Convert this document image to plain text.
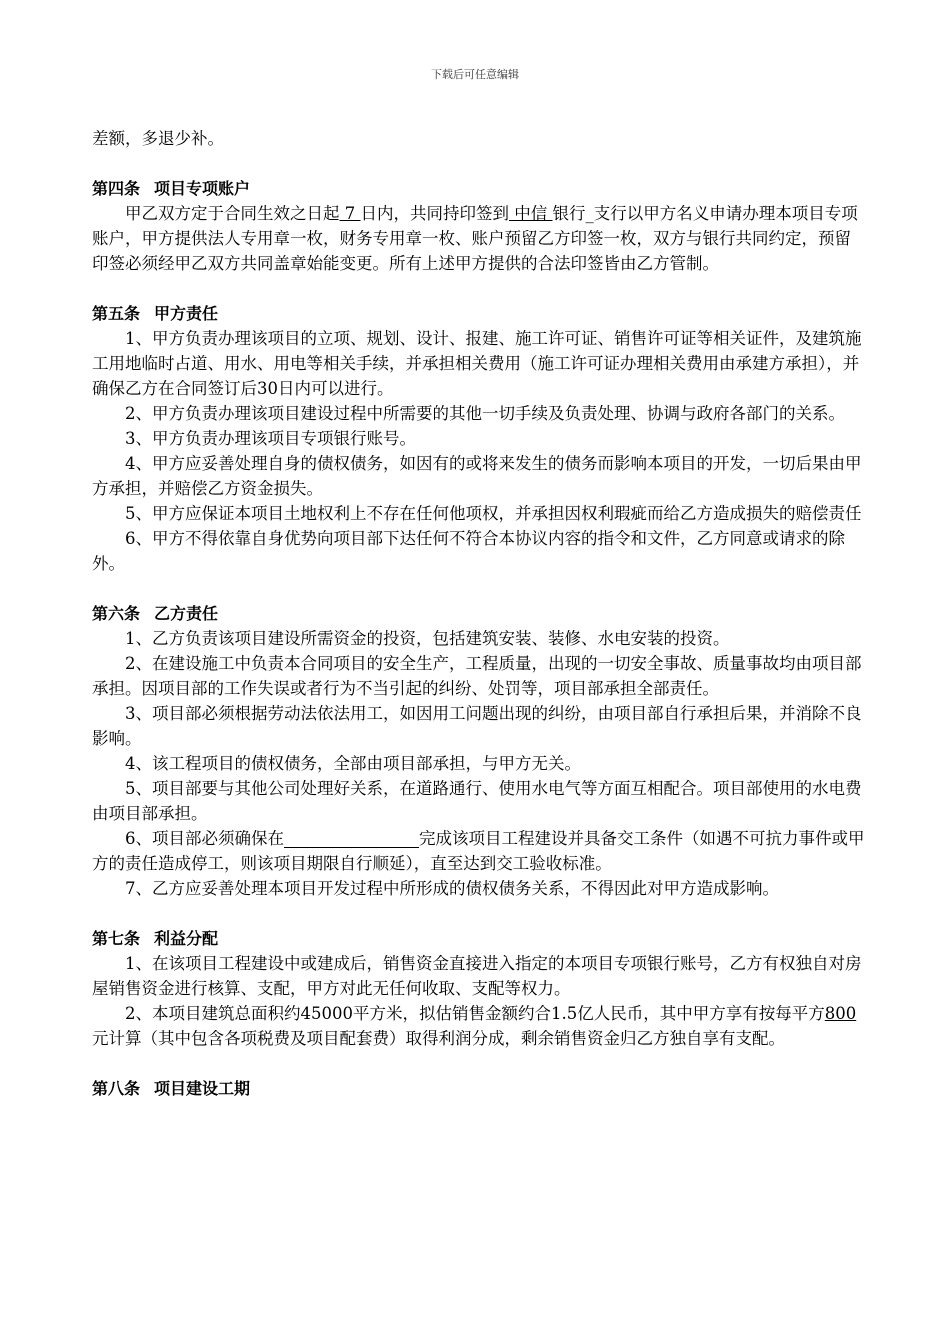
下载后可任意编辑

差额，多退少补。

第四条 项目专项账户

甲乙双方定于合同生效之日起 7 日内，共同持印签到 中信 银行_支行以甲方名义申请办理本项目专项账户，甲方提供法人专用章一枚，财务专用章一枚、账户预留乙方印签一枚，双方与银行共同约定，预留印签必须经甲乙双方共同盖章始能变更。所有上述甲方提供的合法印签皆由乙方管制。

第五条 甲方责任

1、甲方负责办理该项目的立项、规划、设计、报建、施工许可证、销售许可证等相关证件，及建筑施工用地临时占道、用水、用电等相关手续，并承担相关费用（施工许可证办理相关费用由承建方承担），并确保乙方在合同签订后30日内可以进行。

2、甲方负责办理该项目建设过程中所需要的其他一切手续及负责处理、协调与政府各部门的关系。

3、甲方负责办理该项目专项银行账号。

4、甲方应妥善处理自身的债权债务，如因有的或将来发生的债务而影响本项目的开发，一切后果由甲方承担，并赔偿乙方资金损失。

5、甲方应保证本项目土地权利上不存在任何他项权，并承担因权利瑕疵而给乙方造成损失的赔偿责任

6、甲方不得依靠自身优势向项目部下达任何不符合本协议内容的指令和文件，乙方同意或请求的除外。

第六条 乙方责任

1、乙方负责该项目建设所需资金的投资，包括建筑安装、装修、水电安装的投资。

2、在建设施工中负责本合同项目的安全生产，工程质量，出现的一切安全事故、质量事故均由项目部承担。因项目部的工作失误或者行为不当引起的纠纷、处罚等，项目部承担全部责任。

3、项目部必须根据劳动法依法用工，如因用工问题出现的纠纷，由项目部自行承担后果，并消除不良影响。

4、该工程项目的债权债务，全部由项目部承担，与甲方无关。

5、项目部要与其他公司处理好关系，在道路通行、使用水电气等方面互相配合。项目部使用的水电费由项目部承担。

6、项目部必须确保在	完成该项目工程建设并具备交工条件（如遇不可抗力事件或甲方的责任造成停工，则该项目期限自行顺延），直至达到交工验收标准。

7、乙方应妥善处理本项目开发过程中所形成的债权债务关系，不得因此对甲方造成影响。

第七条 利益分配

1、在该项目工程建设中或建成后，销售资金直接进入指定的本项目专项银行账号，乙方有权独自对房屋销售资金进行核算、支配，甲方对此无任何收取、支配等权力。

2、本项目建筑总面积约45000平方米，拟估销售金额约合1.5亿人民币，其中甲方享有按每平方800元计算（其中包含各项税费及项目配套费）取得利润分成，剩余销售资金归乙方独自享有支配。

第八条 项目建设工期
